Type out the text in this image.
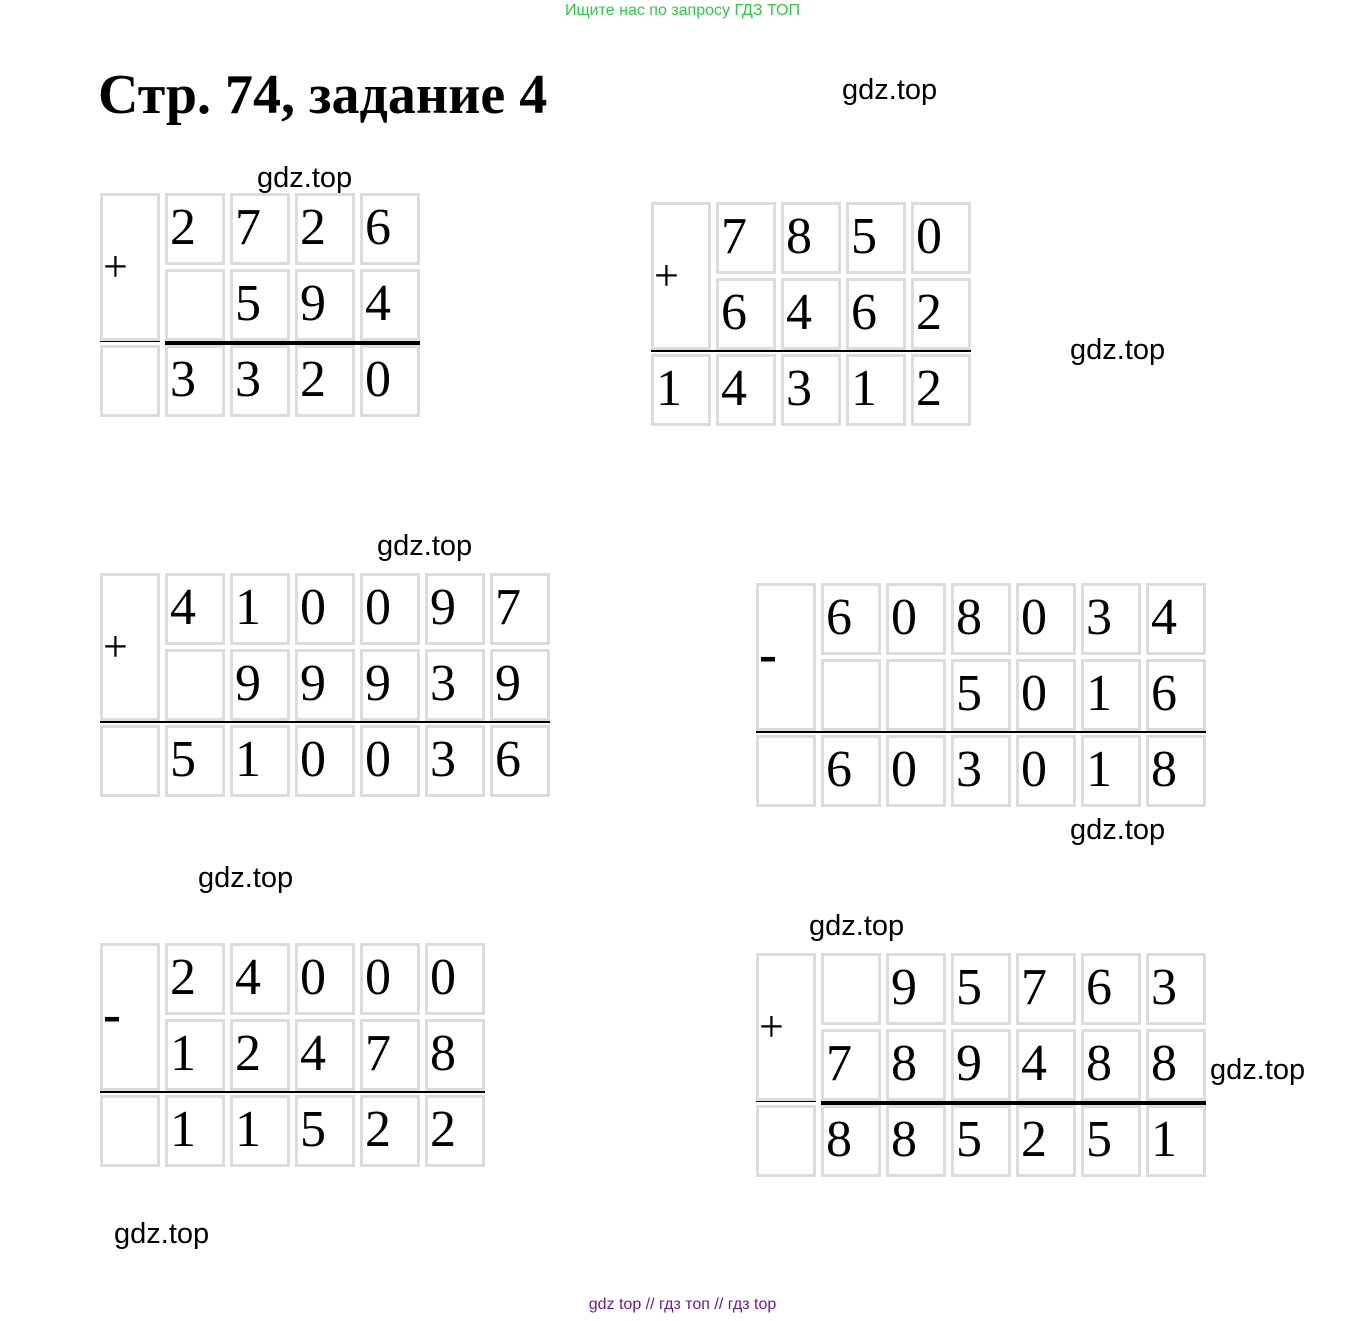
Ищите нас по запросу ГДЗ ТОП
Стр. 74, задание 4	gdz.top
gdz.top
gdz.top
gdz.top
gdz.top
gdz.top
gdz.top
gdz.top
gdz.top
2 7 2 6
5 9 4
3 3 2 0
+
7 8 5 0
6 4 6 2
1 4 3 1 2
+
4 1 0 0 9 7
9 9 9 3 9
5 1 0 0 3 6
+
6 0 8 0 3 4
5 0 1 6
6 0 3 0 1 8
-
2 4 0 0 0
1 2 4 7 8
1 1 5 2 2
-	9 5 7 6 3
7 8 9 4 8 8
8 8 5 2 5 1
+
gdz top // гдз топ // гдз top
